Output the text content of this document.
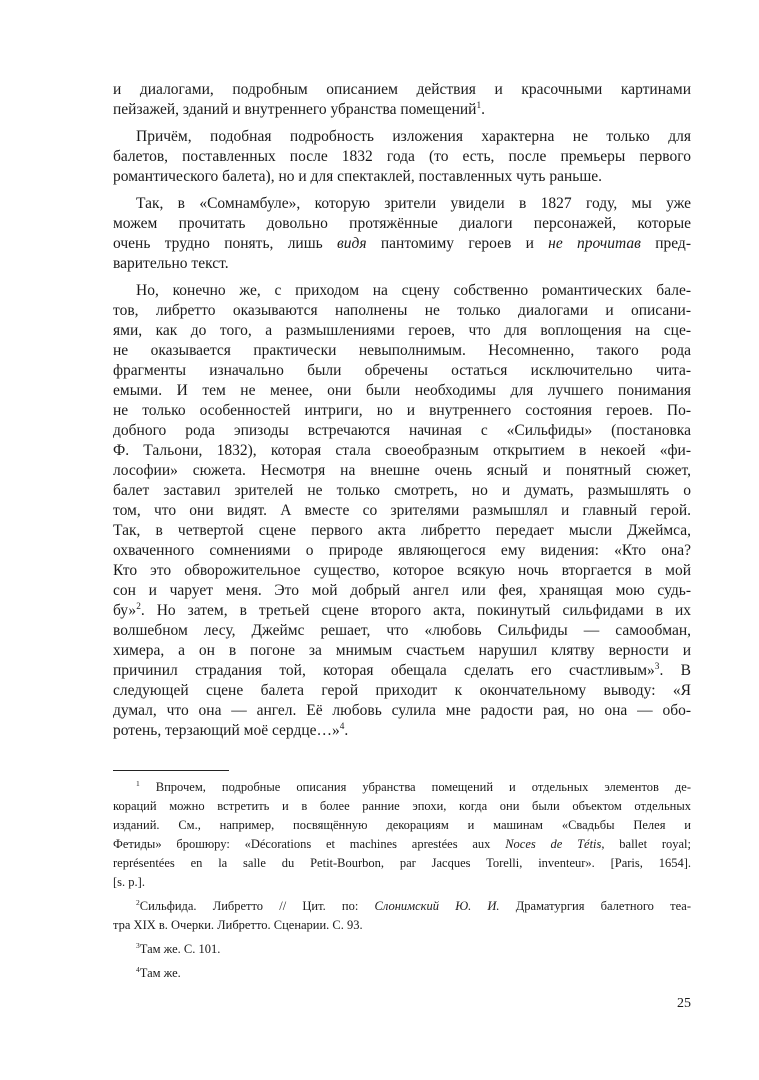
и диалогами, подробным описанием действия и красочными картинами
пейзажей, зданий и внутреннего убранства помещений$^1$.
Причём, подобная подробность изложения характерна не только для
балетов, поставленных после 1832 года (то есть, после премьеры первого
романтического балета), но и для спектаклей, поставленных чуть раньше.
Так, в «Сомнамбуле», которую зрители увидели в 1827 году, мы уже
можем прочитать довольно протяжённые диалоги персонажей, которые
очень трудно понять, лишь видя пантомиму героев и не прочитав пред-
варительно текст.
Но, конечно же, с приходом на сцену собственно романтических бале-
тов, либретто оказываются наполнены не только диалогами и описани-
ями, как до того, а размышлениями героев, что для воплощения на сце-
не оказывается практически невыполнимым. Несомненно, такого рода
фрагменты изначально были обречены остаться исключительно чита-
емыми. И тем не менее, они были необходимы для лучшего понимания
не только особенностей интриги, но и внутреннего состояния героев. По-
добного рода эпизоды встречаются начиная с «Сильфиды» (постановка
Ф. Тальони, 1832), которая стала своеобразным открытием в некоей «фи-
лософии» сюжета. Несмотря на внешне очень ясный и понятный сюжет,
балет заставил зрителей не только смотреть, но и думать, размышлять о
том, что они видят. А вместе со зрителями размышлял и главный герой.
Так, в четвертой сцене первого акта либретто передает мысли Джеймса,
охваченного сомнениями о природе являющегося ему видения: «Кто она?
Кто это обворожительное существо, которое всякую ночь вторгается в мой
сон и чарует меня. Это мой добрый ангел или фея, хранящая мою судь-
бу»$^2$. Но затем, в третьей сцене второго акта, покинутый сильфидами в их
волшебном лесу, Джеймс решает, что «любовь Сильфиды — самообман,
химера, а он в погоне за мнимым счастьем нарушил клятву верности и
причинил страдания той, которая обещала сделать его счастливым»$^3$. В
следующей сцене балета герой приходит к окончательному выводу: «Я
думал, что она — ангел. Её любовь сулила мне радости рая, но она — обо-
ротень, терзающий моё сердце…»$^4$.
$^1$ Впрочем, подробные описания убранства помещений и отдельных элементов де-
кораций можно встретить и в более ранние эпохи, когда они были объектом отдельных
изданий. См., например, посвящённую декорациям и машинам «Свадьбы Пелея и
Фетиды» брошюру: «Décorations et machines aprestées aux Noces de Tétis, ballet royal;
représentées en la salle du Petit-Bourbon, par Jacques Torelli, inventeur». [Paris, 1654].
[s. p.].
$^2$Сильфида. Либретто // Цит. по: Слонимский Ю. И. Драматургия балетного теа-
тра XIX в. Очерки. Либретто. Сценарии. С. 93.
$^3$Там же. С. 101.
$^4$Там же.
25
